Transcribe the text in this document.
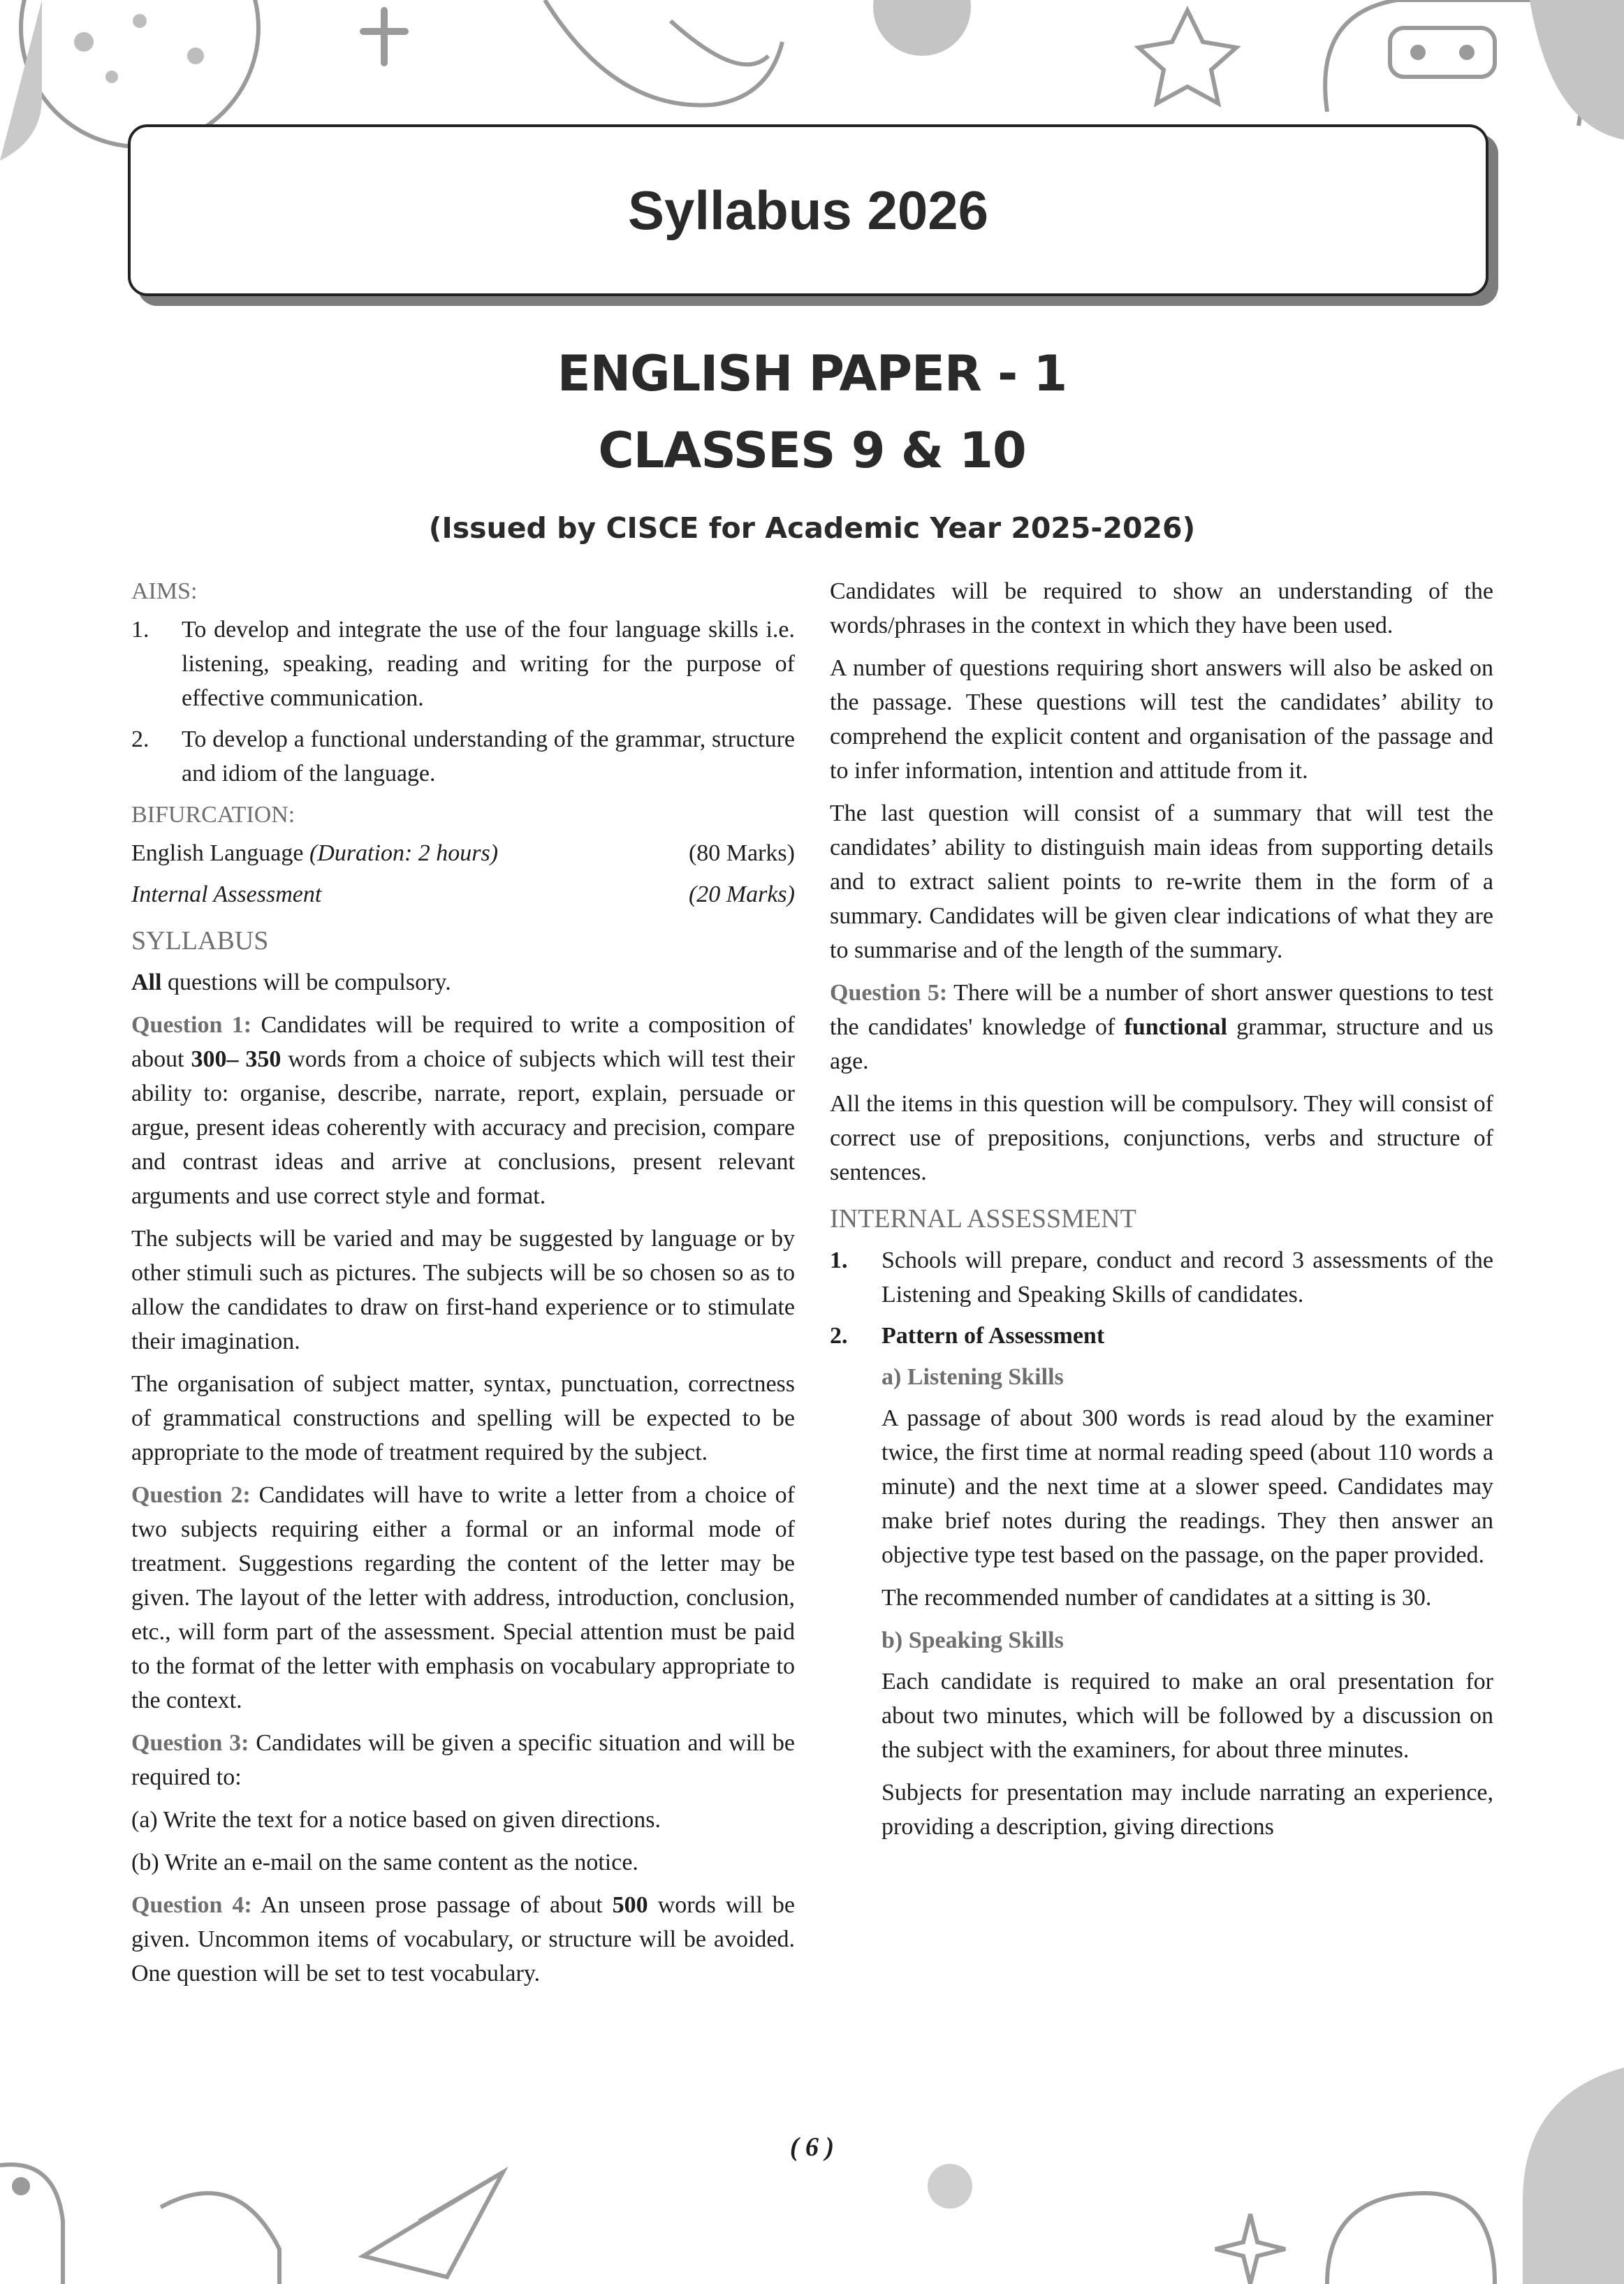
Syllabus 2026
ENGLISH PAPER - 1
CLASSES 9 & 10
(Issued by CISCE for Academic Year 2025-2026)
AIMS:
1.	To develop and integrate the use of the four language skills i.e. listening, speaking, reading and writing for the purpose of effective communication.
2.	To develop a functional understanding of the grammar, structure and idiom of the language.
BIFURCATION:
English Language (Duration: 2 hours)	(80 Marks)
Internal Assessment	(20 Marks)
SYLLABUS

All questions will be compulsory.

Question 1: Candidates will be required to write a composition of about 300– 350 words from a choice of subjects which will test their ability to: organise, describe, narrate, report, explain, persuade or argue, present ideas coherently with accuracy and precision, compare and contrast ideas and arrive at conclusions, present relevant arguments and use correct style and format.

The subjects will be varied and may be suggested by language or by other stimuli such as pictures. The subjects will be so chosen so as to allow the candidates to draw on first-hand experience or to stimulate their imagination.

The organisation of subject matter, syntax, punctuation, correctness of grammatical constructions and spelling will be expected to be appropriate to the mode of treatment required by the subject.

Question 2: Candidates will have to write a letter from a choice of two subjects requiring either a formal or an informal mode of treatment. Suggestions regarding the content of the letter may be given. The layout of the letter with address, introduction, conclusion, etc., will form part of the assessment. Special attention must be paid to the format of the letter with emphasis on vocabulary appropriate to the context.

Question 3: Candidates will be given a specific situation and will be required to:

(a) Write the text for a notice based on given directions.

(b) Write an e-mail on the same content as the notice.

Question 4: An unseen prose passage of about 500 words will be given. Uncommon items of vocabulary, or structure will be avoided. One question will be set to test vocabulary.

Candidates will be required to show an understanding of the words/phrases in the context in which they have been used.

A number of questions requiring short answers will also be asked on the passage. These questions will test the candidates’ ability to comprehend the explicit content and organisation of the passage and to infer information, intention and attitude from it.

The last question will consist of a summary that will test the candidates’ ability to distinguish main ideas from supporting details and to extract salient points to re-write them in the form of a summary. Candidates will be given clear indications of what they are to summarise and of the length of the summary.

Question 5: There will be a number of short answer questions to test the candidates' knowledge of functional grammar, structure and us age.

All the items in this question will be compulsory. They will consist of correct use of prepositions, conjunctions, verbs and structure of sentences.

INTERNAL ASSESSMENT
1.	Schools will prepare, conduct and record 3 assessments of the Listening and Speaking Skills of candidates.
2.	Pattern of Assessment
a) Listening Skills

A passage of about 300 words is read aloud by the examiner twice, the first time at normal reading speed (about 110 words a minute) and the next time at a slower speed. Candidates may make brief notes during the readings. They then answer an objective type test based on the passage, on the paper provided.

The recommended number of candidates at a sitting is 30.

b) Speaking Skills

Each candidate is required to make an oral presentation for about two minutes, which will be followed by a discussion on the subject with the examiners, for about three minutes.

Subjects for presentation may include narrating an experience, providing a description, giving directions

( 6 )
